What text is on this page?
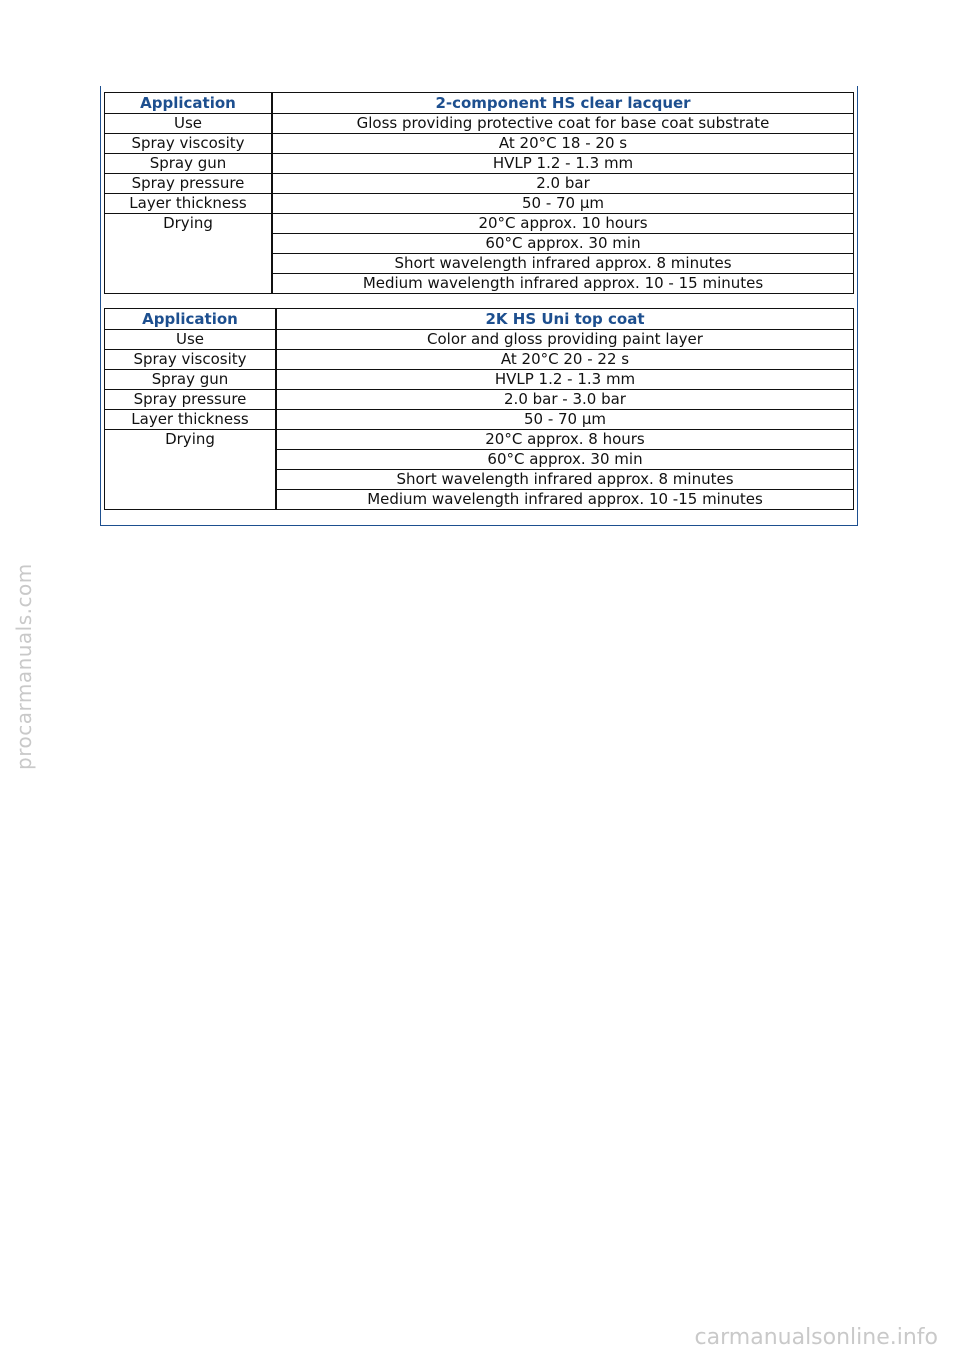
Application	2-component HS clear lacquer
Use	Gloss providing protective coat for base coat substrate
Spray viscosity	At 20°C 18 - 20 s
Spray gun	HVLP 1.2 - 1.3 mm
Spray pressure	2.0 bar
Layer thickness	50 - 70 µm
Drying	20°C approx. 10 hours
	60°C approx. 30 min
	Short wavelength infrared approx. 8 minutes
	Medium wavelength infrared approx. 10 - 15 minutes
Application	2K HS Uni top coat
Use	Color and gloss providing paint layer
Spray viscosity	At 20°C 20 - 22 s
Spray gun	HVLP 1.2 - 1.3 mm
Spray pressure	2.0 bar - 3.0 bar
Layer thickness	50 - 70 µm
Drying	20°C approx. 8 hours
	60°C approx. 30 min
	Short wavelength infrared approx. 8 minutes
	Medium wavelength infrared approx. 10 -15 minutes
procarmanuals.com
carmanualsonline.info
